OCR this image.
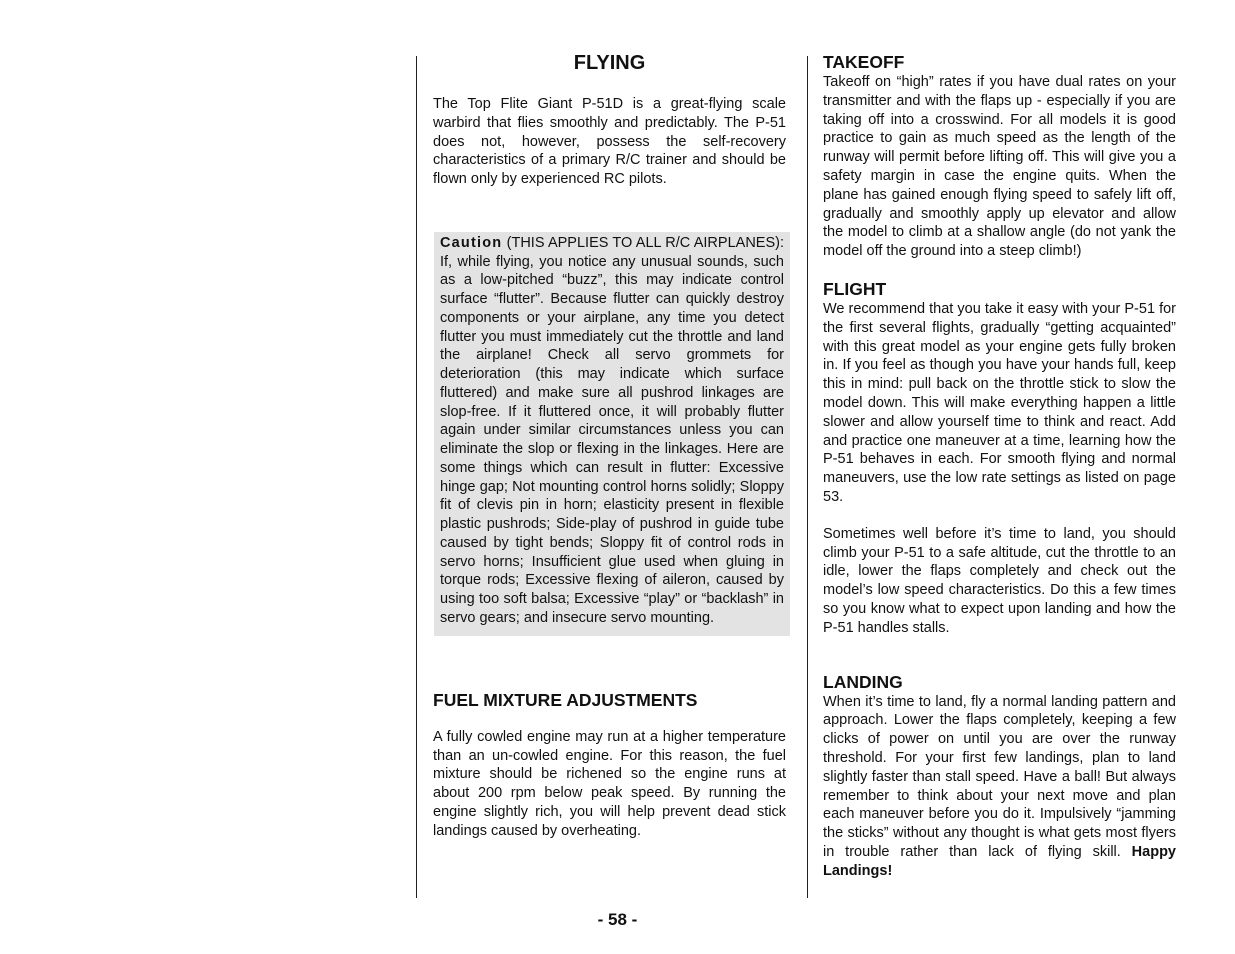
FLYING

The Top Flite Giant P-51D is a great-flying scale warbird that flies smoothly and predictably. The P-51 does not, however, possess the self-recovery characteristics of a primary R/C trainer and should be flown only by experienced RC pilots.

Caution (THIS APPLIES TO ALL R/C AIRPLANES): If, while flying, you notice any unusual sounds, such as a low-pitched “buzz”, this may indicate control surface “flutter”. Because flutter can quickly destroy components or your airplane, any time you detect flutter you must immediately cut the throttle and land the airplane! Check all servo grommets for deterioration (this may indicate which surface fluttered) and make sure all pushrod linkages are slop-free. If it fluttered once, it will probably flutter again under similar circumstances unless you can eliminate the slop or flexing in the linkages. Here are some things which can result in flutter: Excessive hinge gap; Not mounting control horns solidly; Sloppy fit of clevis pin in horn; elasticity present in flexible plastic pushrods; Side-play of pushrod in guide tube caused by tight bends; Sloppy fit of control rods in servo horns; Insufficient glue used when gluing in torque rods; Excessive flexing of aileron, caused by using too soft balsa; Excessive “play” or “backlash” in servo gears; and insecure servo mounting.

FUEL MIXTURE ADJUSTMENTS

A fully cowled engine may run at a higher temperature than an un-cowled engine. For this reason, the fuel mixture should be richened so the engine runs at about 200 rpm below peak speed. By running the engine slightly rich, you will help prevent dead stick landings caused by overheating.

TAKEOFF

Takeoff on “high” rates if you have dual rates on your transmitter and with the flaps up - especially if you are taking off into a crosswind. For all models it is good practice to gain as much speed as the length of the runway will permit before lifting off. This will give you a safety margin in case the engine quits. When the plane has gained enough flying speed to safely lift off, gradually and smoothly apply up elevator and allow the model to climb at a shallow angle (do not yank the model off the ground into a steep climb!)

FLIGHT

We recommend that you take it easy with your P-51 for the first several flights, gradually “getting acquainted” with this great model as your engine gets fully broken in. If you feel as though you have your hands full, keep this in mind: pull back on the throttle stick to slow the model down. This will make everything happen a little slower and allow yourself time to think and react. Add and practice one maneuver at a time, learning how the P-51 behaves in each. For smooth flying and normal maneuvers, use the low rate settings as listed on page 53.

Sometimes well before it’s time to land, you should climb your P-51 to a safe altitude, cut the throttle to an idle, lower the flaps completely and check out the model’s low speed characteristics. Do this a few times so you know what to expect upon landing and how the P-51 handles stalls.

LANDING

When it’s time to land, fly a normal landing pattern and approach. Lower the flaps completely, keeping a few clicks of power on until you are over the runway threshold. For your first few landings, plan to land slightly faster than stall speed. Have a ball! But always remember to think about your next move and plan each maneuver before you do it. Impulsively “jamming the sticks” without any thought is what gets most flyers in trouble rather than lack of flying skill. Happy Landings!

- 58 -
